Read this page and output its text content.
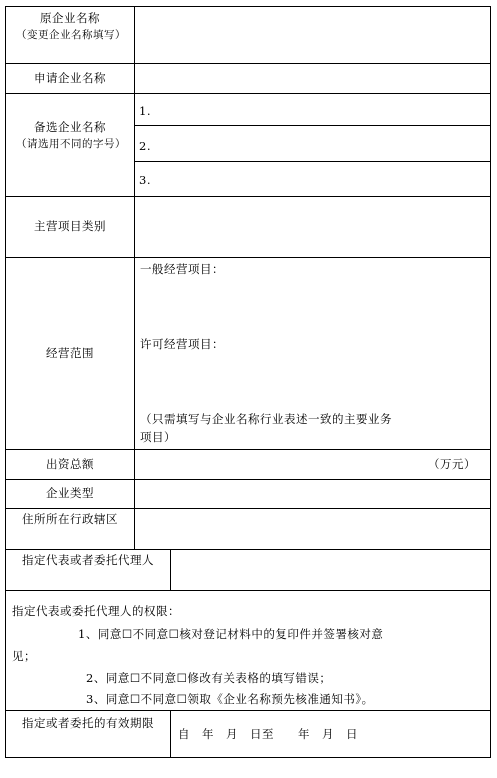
原企业名称
（变更企业名称填写）
申请企业名称
备选企业名称
（请选用不同的字号）
1.
2.
3.
主营项目类别
经营范围
一般经营项目：
许可经营项目：
（只需填写与企业名称行业表述一致的主要业务
项目）
出资总额	（万元）
企业类型
住所所在行政辖区
指定代表或者委托代理人
指定代表或委托代理人的权限：
1、同意☐不同意☐核对登记材料中的复印件并签署核对意
见；
2、同意☐不同意☐修改有关表格的填写错误；
3、同意☐不同意☐领取《企业名称预先核准通知书》。
指定或者委托的有效期限
自　年　月　日至　　年　月　日
